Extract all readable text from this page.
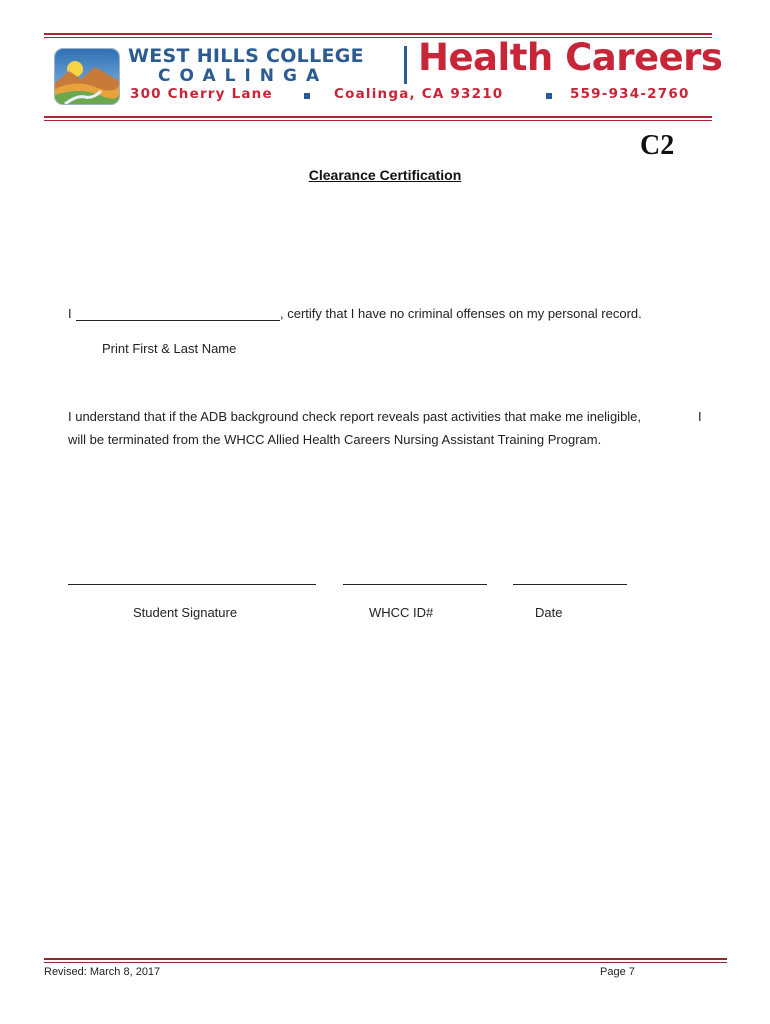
WEST HILLS COLLEGE
COALINGA Health Careers
300 Cherry Lane	Coalinga, CA 93210	559-934-2760
C2
Clearance Certification
I	, certify that I have no criminal offenses on my personal record.
Print First & Last Name
I understand that if the ADB background check report reveals past activities that make me ineligible,	I
will be terminated from the WHCC Allied Health Careers Nursing Assistant Training Program.
Student Signature	WHCC ID#	Date
Revised: March 8, 2017	Page 7
